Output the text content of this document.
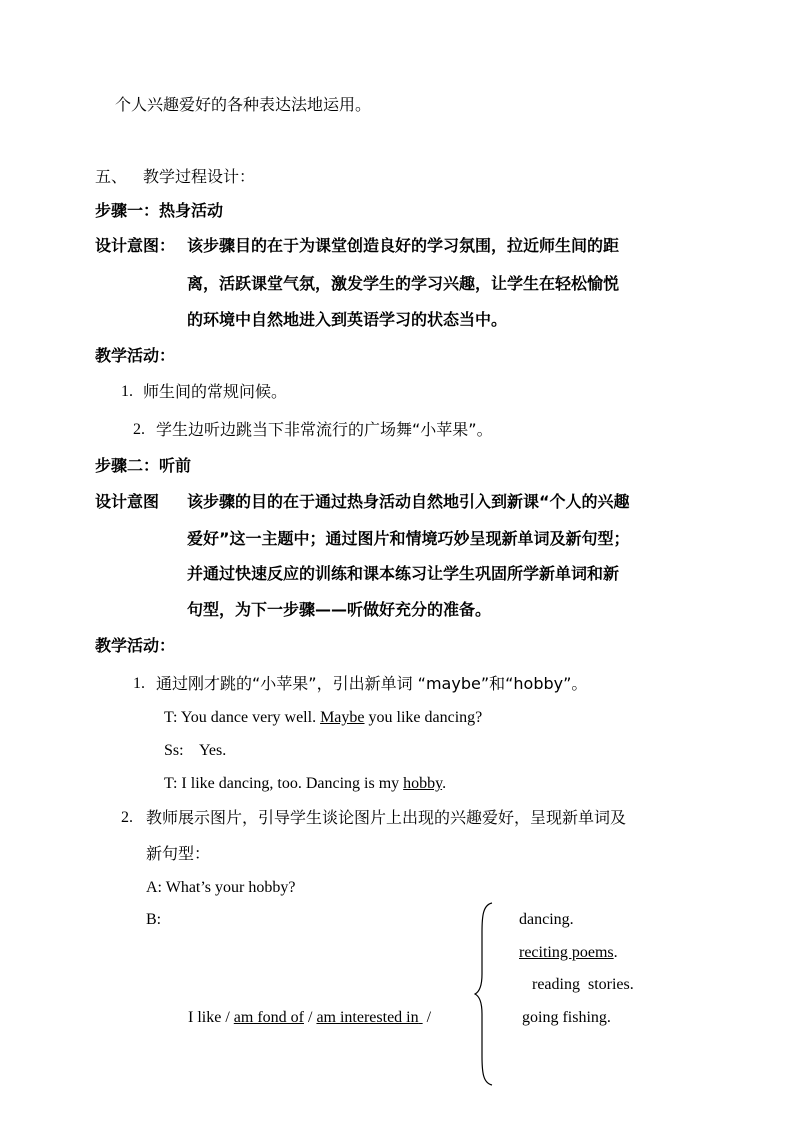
个人兴趣爱好的各种表达法地运用。
五、 教学过程设计：
步骤一：热身活动
设计意图： 该步骤目的在于为课堂创造良好的学习氛围，拉近师生间的距
离，活跃课堂气氛，激发学生的学习兴趣，让学生在轻松愉悦
的环境中自然地进入到英语学习的状态当中。
教学活动：
1. 师生间的常规问候。
2. 学生边听边跳当下非常流行的广场舞“小苹果”。
步骤二：听前
设计意图 该步骤的目的在于通过热身活动自然地引入到新课“个人的兴趣
爱好”这一主题中；通过图片和情境巧妙呈现新单词及新句型；
并通过快速反应的训练和课本练习让学生巩固所学新单词和新
句型，为下一步骤——听做好充分的准备。
教学活动：
1. 通过刚才跳的“小苹果”，引出新单词 “maybe”和“hobby”。
T: You dance very well. Maybe you like dancing?
Ss:    Yes.
T: I like dancing, too. Dancing is my hobby.
2. 教师展示图片，引导学生谈论图片上出现的兴趣爱好，呈现新单词及
新句型：
A: What’s your hobby?
B:
I like / am fond of / am interested in /
dancing.
reciting poems.
reading  stories.
going fishing.
